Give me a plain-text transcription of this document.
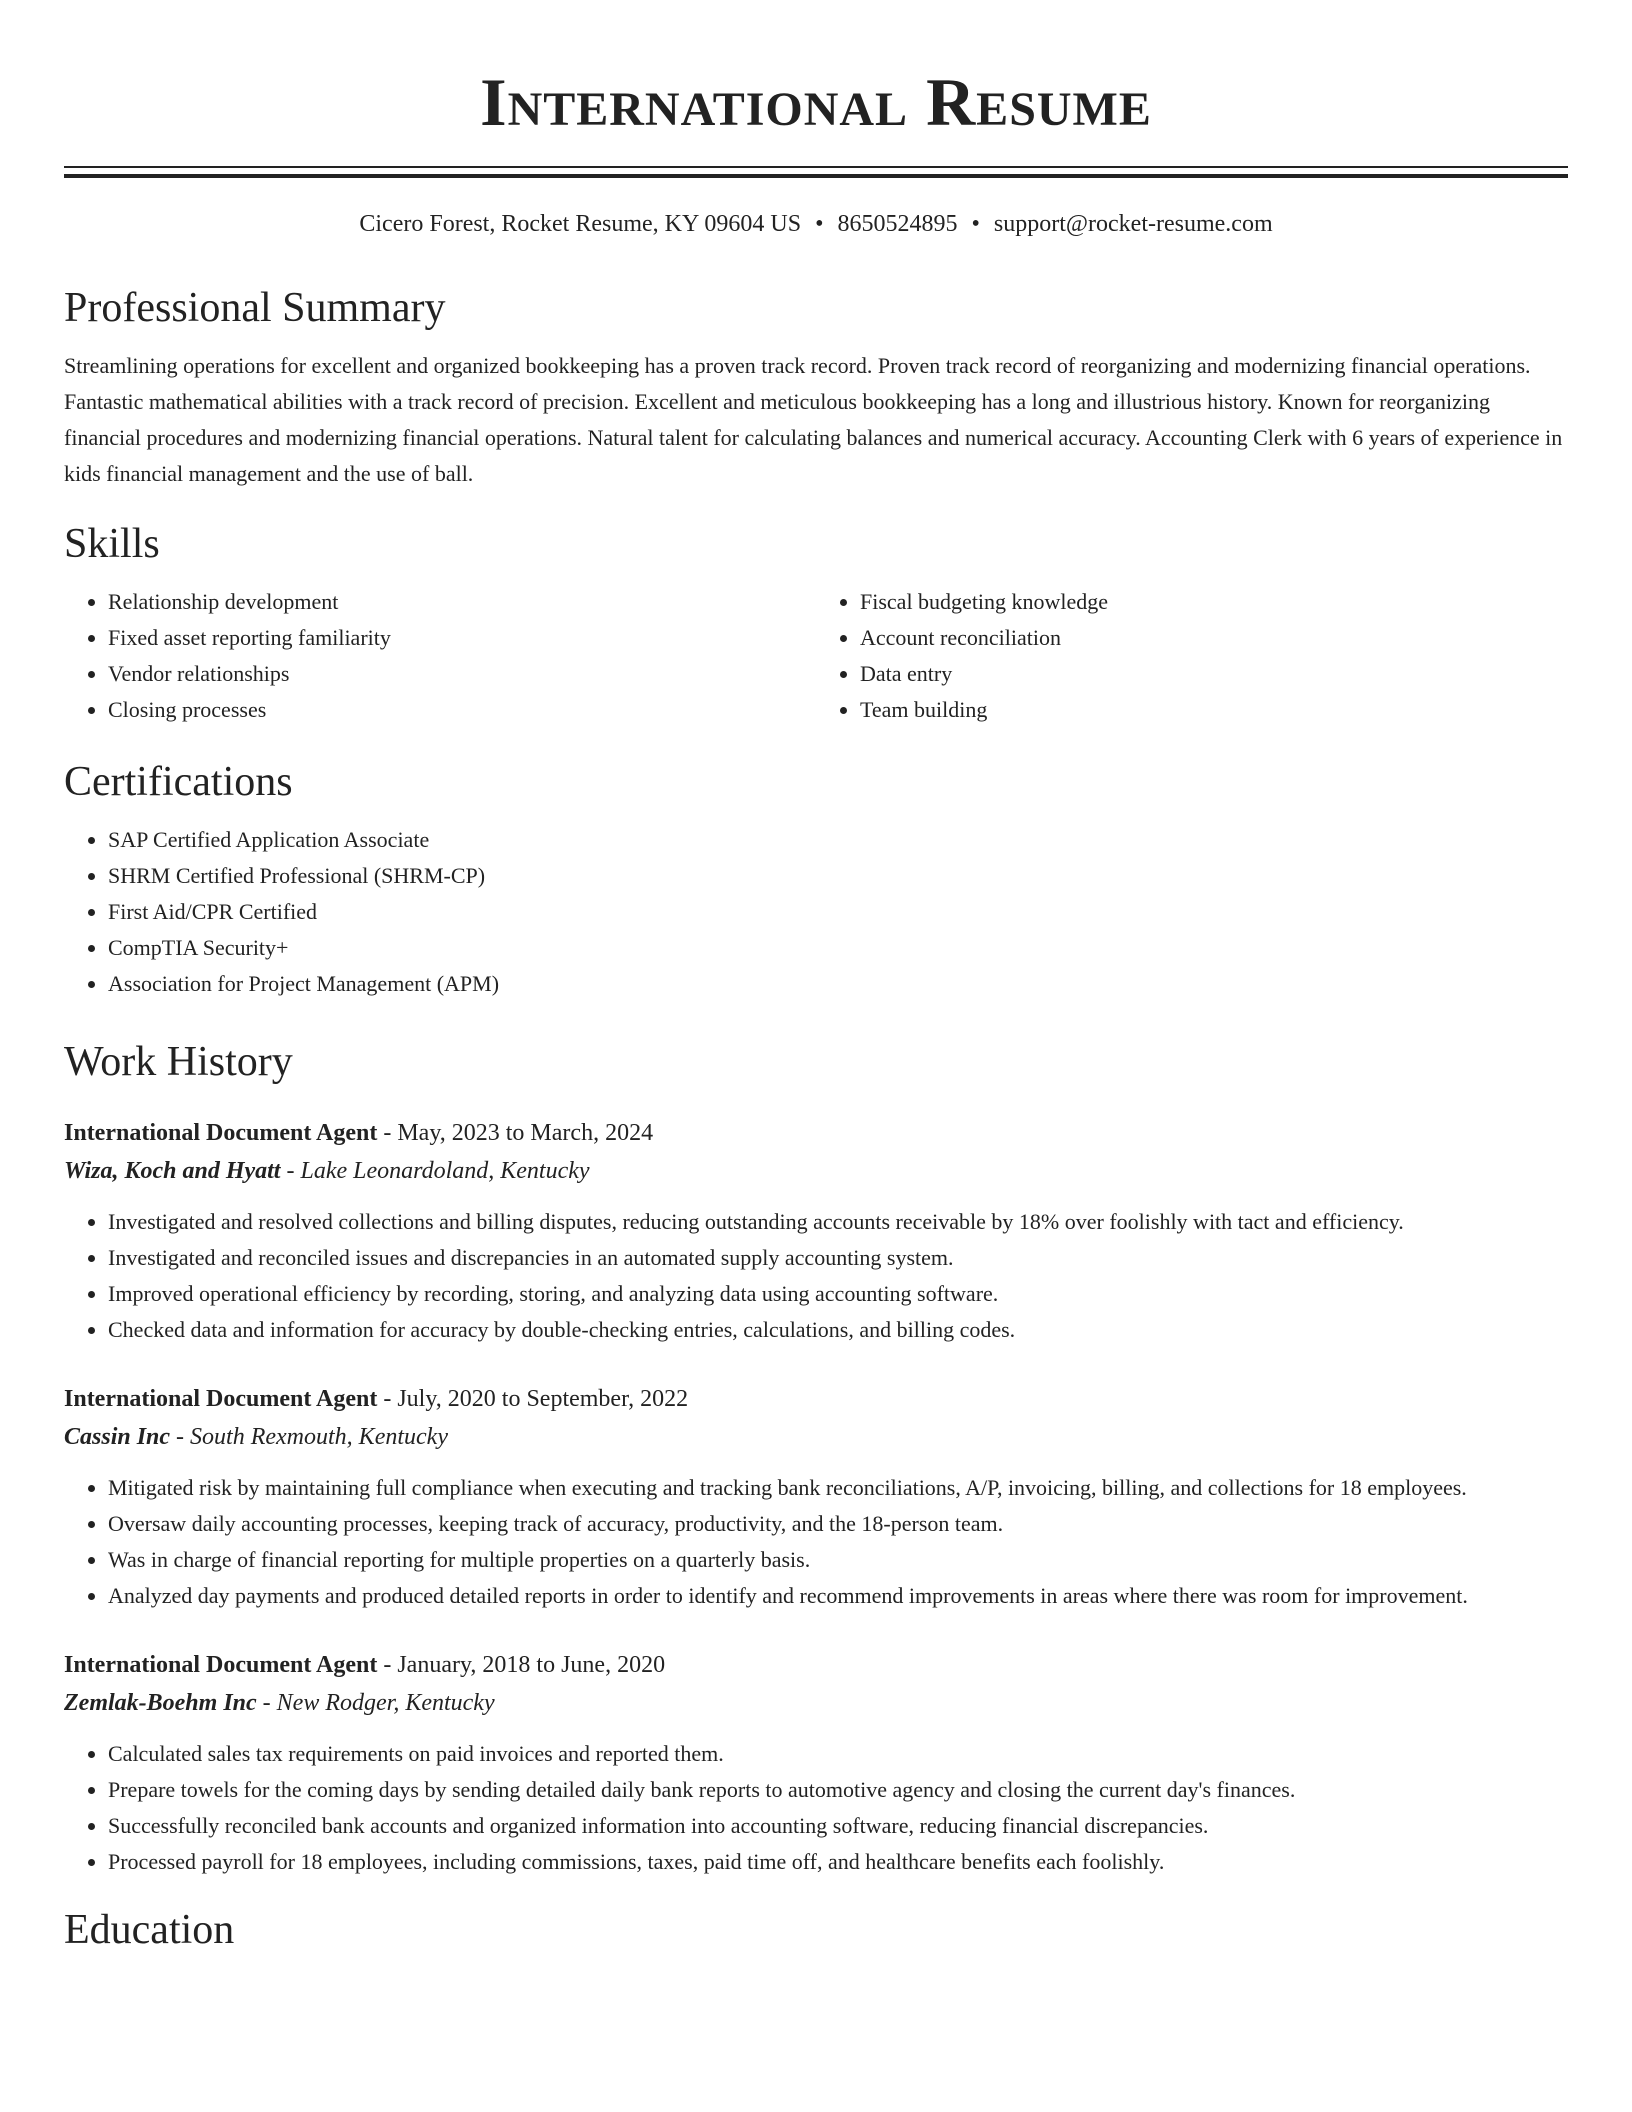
International Resume
Cicero Forest, Rocket Resume, KY 09604 US • 8650524895 • support@rocket-resume.com
Professional Summary

Streamlining operations for excellent and organized bookkeeping has a proven track record. Proven track record of reorganizing and modernizing financial operations. Fantastic mathematical abilities with a track record of precision. Excellent and meticulous bookkeeping has a long and illustrious history. Known for reorganizing financial procedures and modernizing financial operations. Natural talent for calculating balances and numerical accuracy. Accounting Clerk with 6 years of experience in kids financial management and the use of ball.

Skills
• Relationship development
• Fixed asset reporting familiarity
• Vendor relationships
• Closing processes
• Fiscal budgeting knowledge
• Account reconciliation
• Data entry
• Team building
Certifications
• SAP Certified Application Associate
• SHRM Certified Professional (SHRM-CP)
• First Aid/CPR Certified
• CompTIA Security+
• Association for Project Management (APM)
Work History
International Document Agent - May, 2023 to March, 2024
Wiza, Koch and Hyatt - Lake Leonardoland, Kentucky
• Investigated and resolved collections and billing disputes, reducing outstanding accounts receivable by 18% over foolishly with tact and efficiency.
• Investigated and reconciled issues and discrepancies in an automated supply accounting system.
• Improved operational efficiency by recording, storing, and analyzing data using accounting software.
• Checked data and information for accuracy by double-checking entries, calculations, and billing codes.
International Document Agent - July, 2020 to September, 2022
Cassin Inc - South Rexmouth, Kentucky
• Mitigated risk by maintaining full compliance when executing and tracking bank reconciliations, A/P, invoicing, billing, and collections for 18 employees.
• Oversaw daily accounting processes, keeping track of accuracy, productivity, and the 18-person team.
• Was in charge of financial reporting for multiple properties on a quarterly basis.
• Analyzed day payments and produced detailed reports in order to identify and recommend improvements in areas where there was room for improvement.
International Document Agent - January, 2018 to June, 2020
Zemlak-Boehm Inc - New Rodger, Kentucky
• Calculated sales tax requirements on paid invoices and reported them.
• Prepare towels for the coming days by sending detailed daily bank reports to automotive agency and closing the current day's finances.
• Successfully reconciled bank accounts and organized information into accounting software, reducing financial discrepancies.
• Processed payroll for 18 employees, including commissions, taxes, paid time off, and healthcare benefits each foolishly.
Education
